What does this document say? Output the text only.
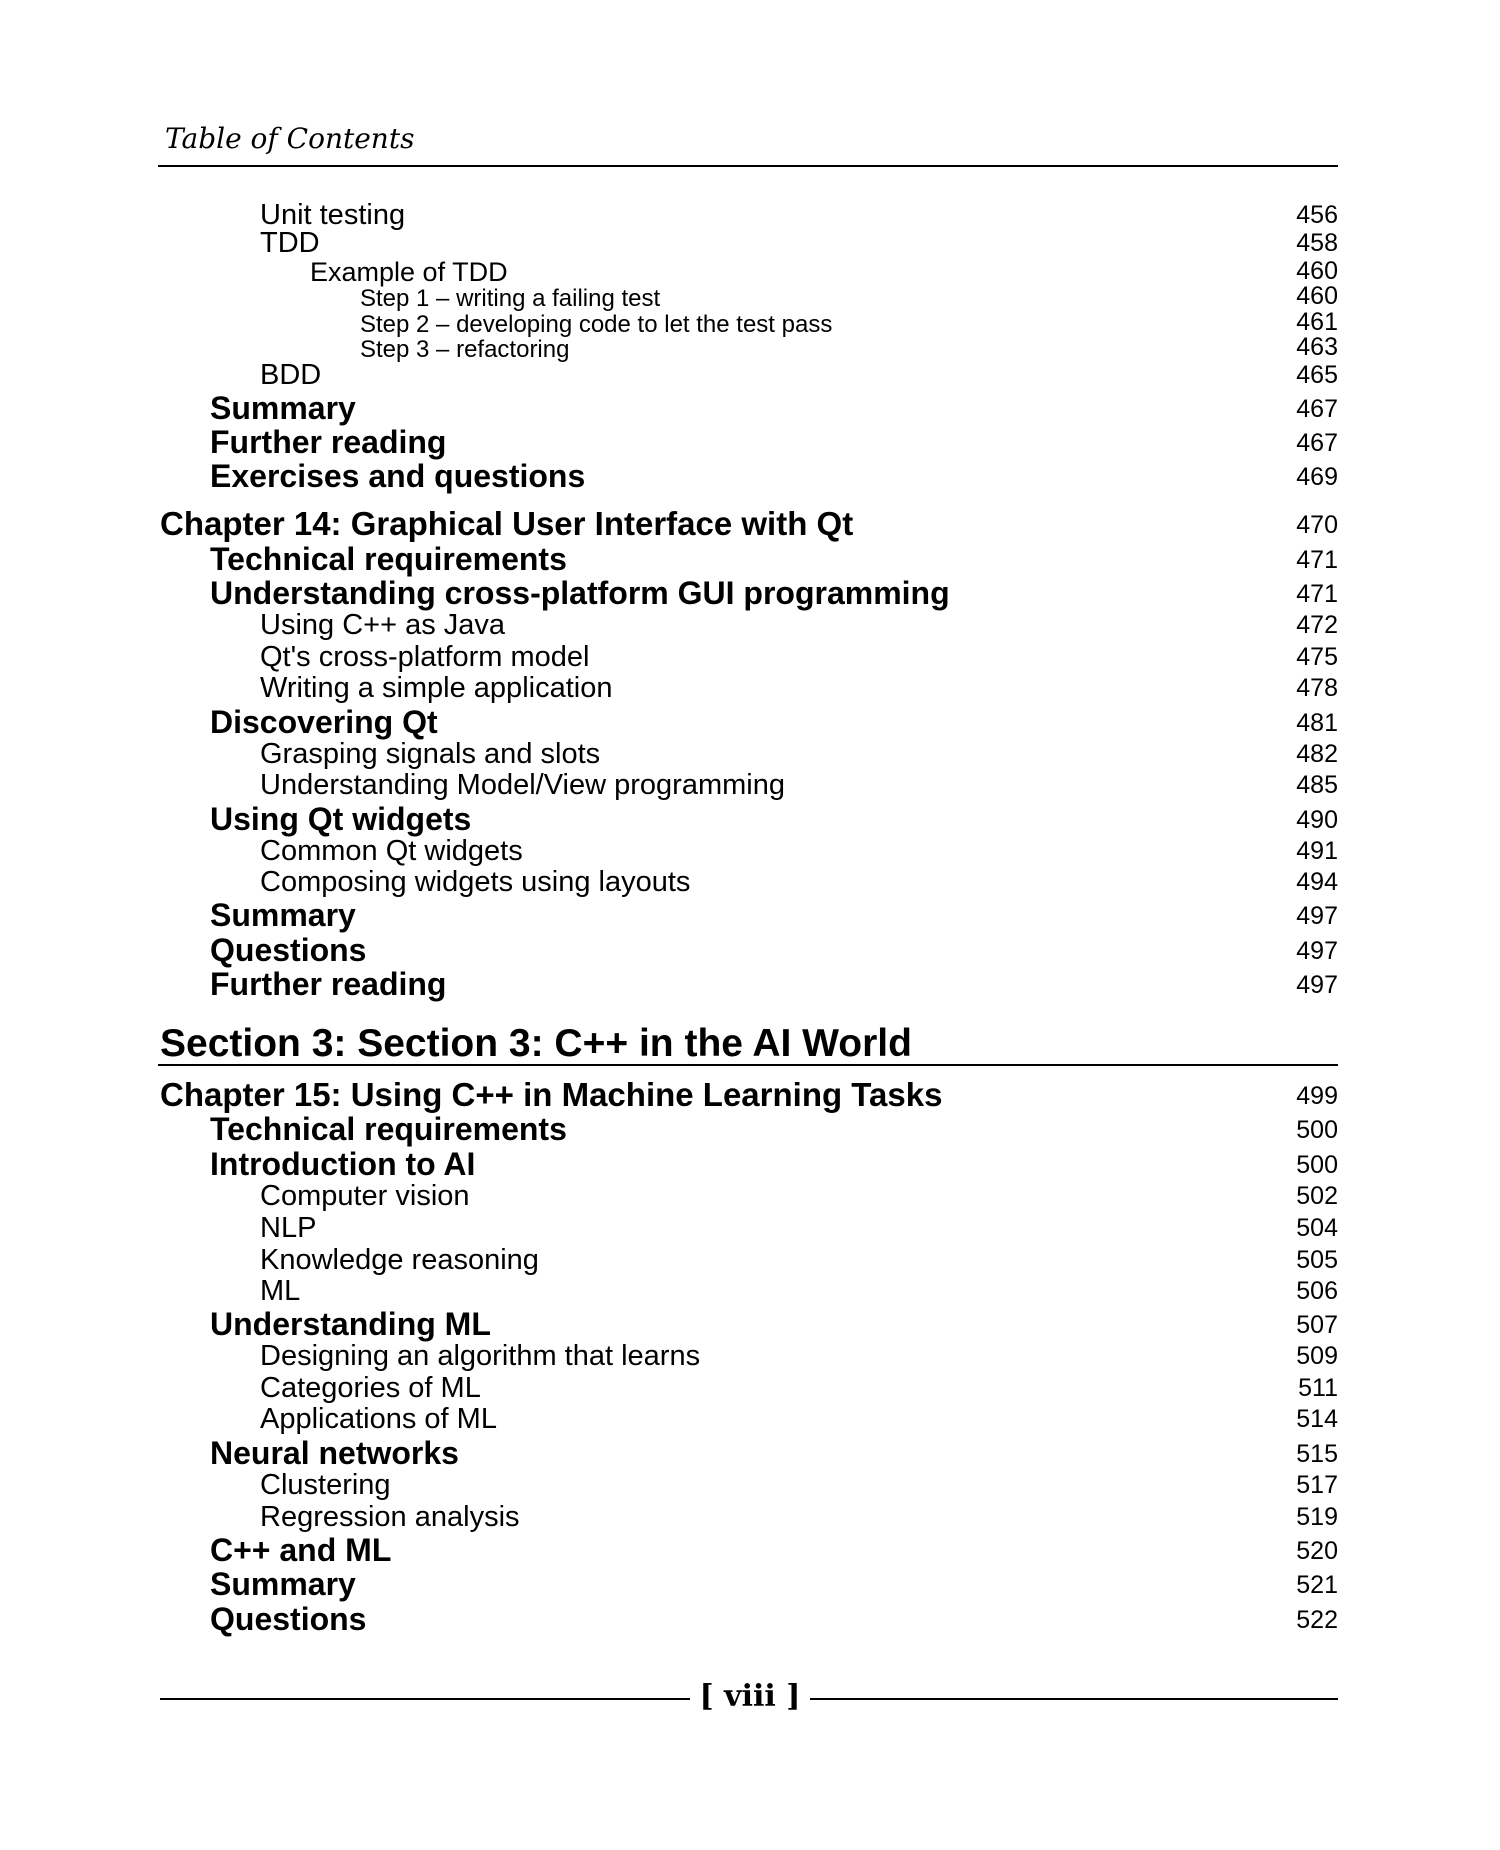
Table of Contents
Unit testing	456
TDD	458
Example of TDD	460
Step 1 – writing a failing test	460
Step 2 – developing code to let the test pass	461
Step 3 – refactoring	463
BDD	465
Summary	467
Further reading	467
Exercises and questions	469
Chapter 14: Graphical User Interface with Qt	470
Technical requirements	471
Understanding cross-platform GUI programming	471
Using C++ as Java	472
Qt's cross-platform model	475
Writing a simple application	478
Discovering Qt	481
Grasping signals and slots	482
Understanding Model/View programming	485
Using Qt widgets	490
Common Qt widgets	491
Composing widgets using layouts	494
Summary	497
Questions	497
Further reading	497
Chapter 15: Using C++ in Machine Learning Tasks	499
Technical requirements	500
Introduction to AI	500
Computer vision	502
NLP	504
Knowledge reasoning	505
ML	506
Understanding ML	507
Designing an algorithm that learns	509
Categories of ML	511
Applications of ML	514
Neural networks	515
Clustering	517
Regression analysis	519
C++ and ML	520
Summary	521
Questions	522
Section 3: Section 3: C++ in the AI World
[ viii ]
